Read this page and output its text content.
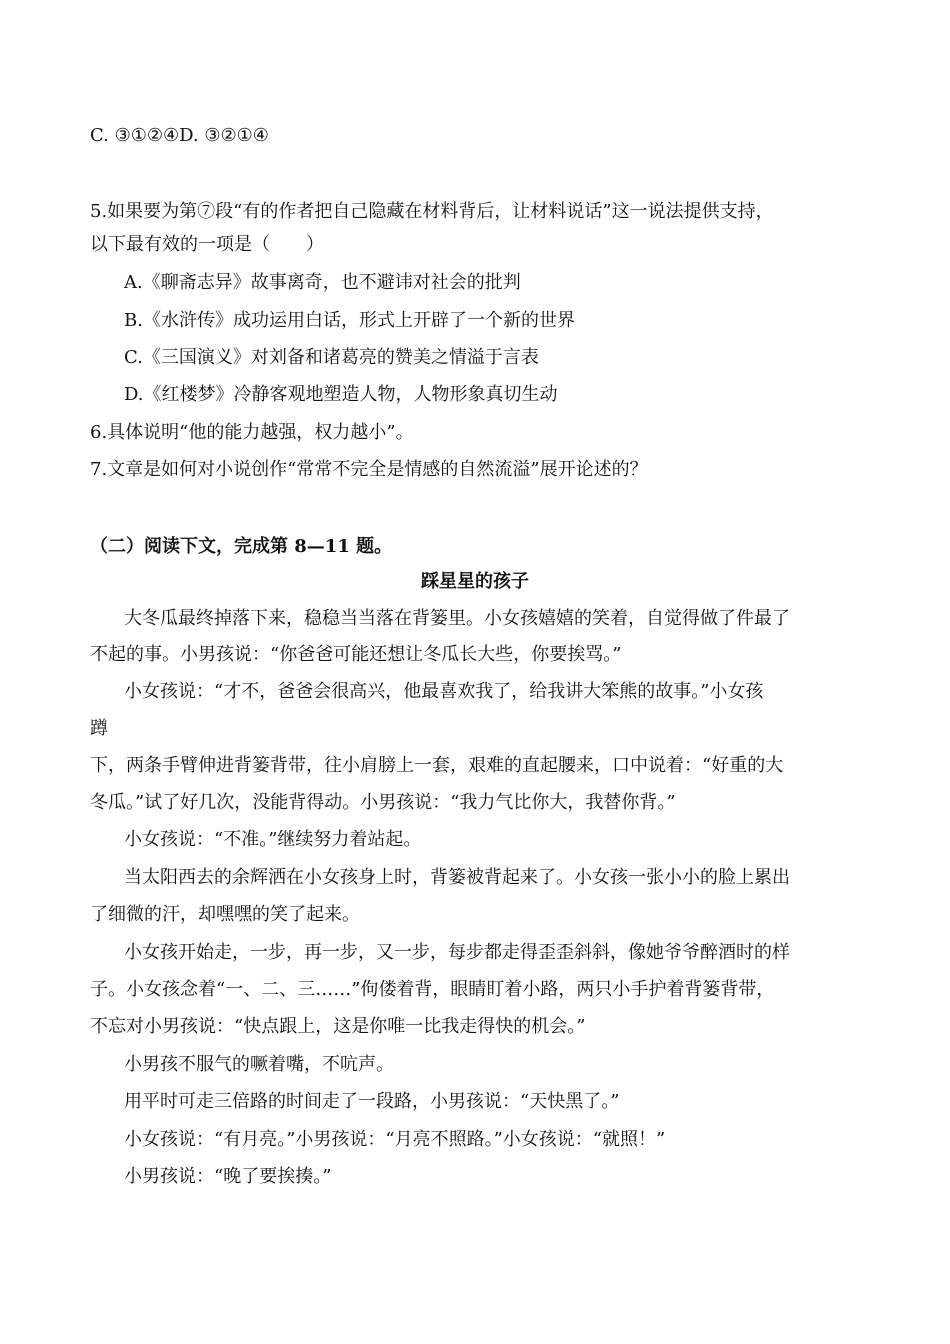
C. ③①②④D. ③②①④
5.如果要为第⑦段“有的作者把自己隐藏在材料背后，让材料说话”这一说法提供支持，
以下最有效的一项是（　　）
A.《聊斋志异》故事离奇，也不避讳对社会的批判
B.《水浒传》成功运用白话，形式上开辟了一个新的世界
C.《三国演义》对刘备和诸葛亮的赞美之情溢于言表
D.《红楼梦》冷静客观地塑造人物，人物形象真切生动
6.具体说明“他的能力越强，权力越小”。
7.文章是如何对小说创作“常常不完全是情感的自然流溢”展开论述的？
（二）阅读下文，完成第 8—11 题。
踩星星的孩子
大冬瓜最终掉落下来，稳稳当当落在背篓里。小女孩嬉嬉的笑着，自觉得做了件最了
不起的事。小男孩说：“你爸爸可能还想让冬瓜长大些，你要挨骂。”
小女孩说：“才不，爸爸会很高兴，他最喜欢我了，给我讲大笨熊的故事。”小女孩
蹲
下，两条手臂伸进背篓背带，往小肩膀上一套，艰难的直起腰来，口中说着：“好重的大
冬瓜。”试了好几次，没能背得动。小男孩说：“我力气比你大，我替你背。”
小女孩说：“不准。”继续努力着站起。
当太阳西去的余辉洒在小女孩身上时，背篓被背起来了。小女孩一张小小的脸上累出
了细微的汗，却嘿嘿的笑了起来。
小女孩开始走，一步，再一步，又一步，每步都走得歪歪斜斜，像她爷爷醉酒时的样
子。小女孩念着“一、二、三……”佝偻着背，眼睛盯着小路，两只小手护着背篓背带，
不忘对小男孩说：“快点跟上，这是你唯一比我走得快的机会。”
小男孩不服气的噘着嘴，不吭声。
用平时可走三倍路的时间走了一段路，小男孩说：“天快黑了。”
小女孩说：“有月亮。”小男孩说：“月亮不照路。”小女孩说：“就照！”
小男孩说：“晚了要挨揍。”
